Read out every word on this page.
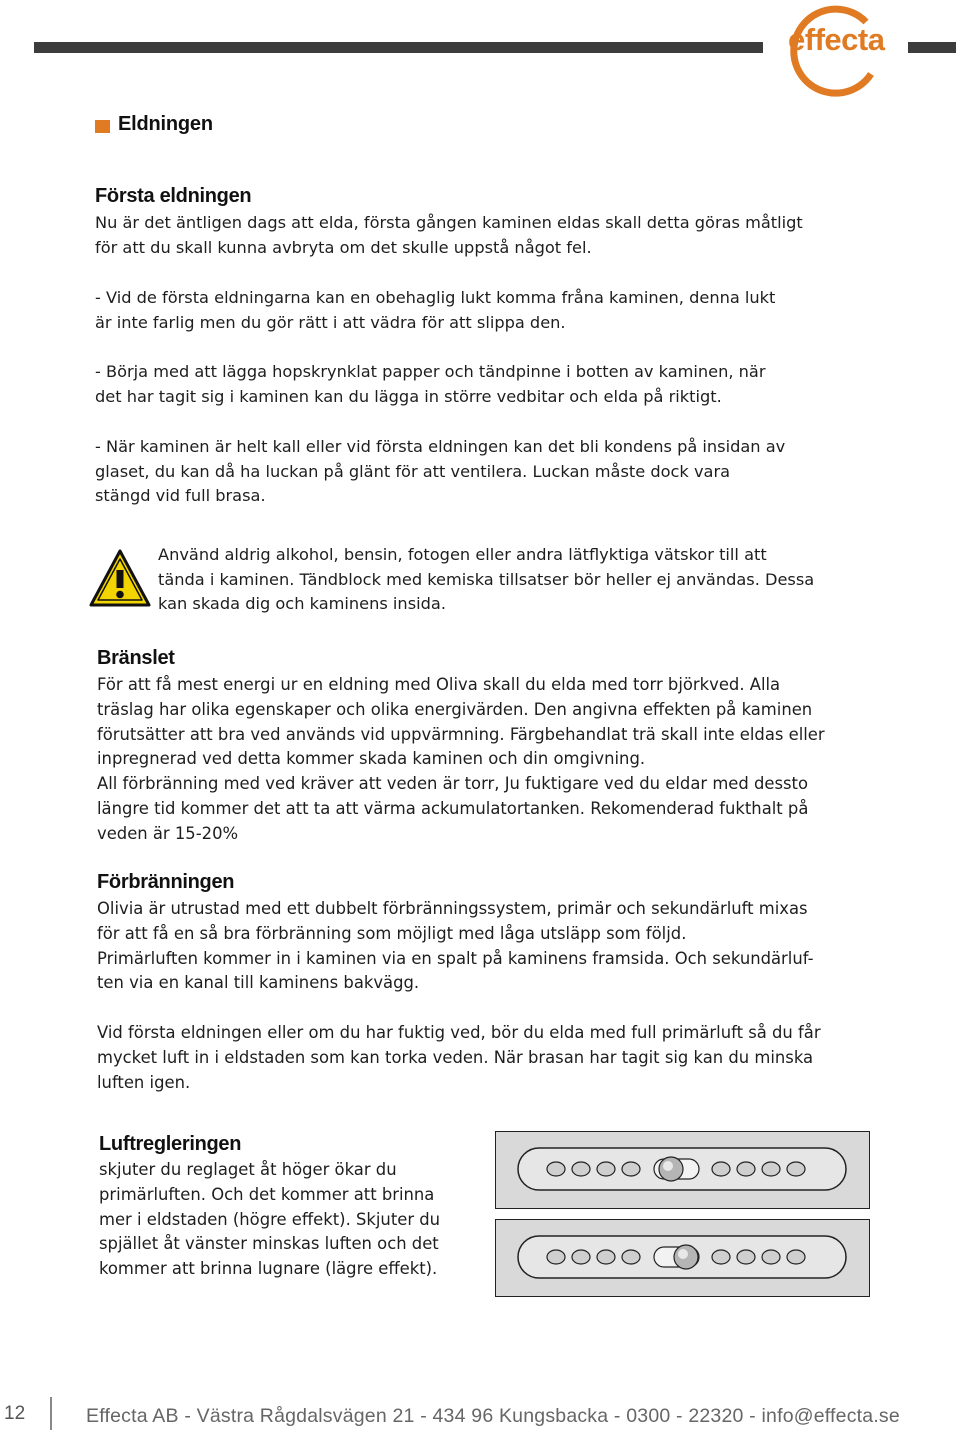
effecta
Eldningen
Första eldningen
Nu är det äntligen dags att elda, första gången kaminen eldas skall detta göras måtligt
för att du skall kunna avbryta om det skulle uppstå något fel.
- Vid de första eldningarna kan en obehaglig lukt komma fråna kaminen, denna lukt
är inte farlig men du gör rätt i att vädra för att slippa den.
- Börja med att lägga hopskrynklat papper och tändpinne i botten av kaminen, när
det har tagit sig i kaminen kan du lägga in större vedbitar och elda på riktigt.
- När kaminen är helt kall eller vid första eldningen kan det bli kondens på insidan av
glaset, du kan då ha luckan på glänt för att ventilera. Luckan måste dock vara
stängd vid full brasa.
Använd aldrig alkohol, bensin, fotogen eller andra lätflyktiga vätskor till att
tända i kaminen. Tändblock med kemiska tillsatser bör heller ej användas. Dessa
kan skada dig och kaminens insida.
Bränslet
För att få mest energi ur en eldning med Oliva skall du elda med torr björkved. Alla
träslag har olika egenskaper och olika energivärden. Den angivna effekten på kaminen
förutsätter att bra ved används vid uppvärmning. Färgbehandlat trä skall inte eldas eller
inpregnerad ved detta kommer skada kaminen och din omgivning.
All förbränning med ved kräver att veden är torr, Ju fuktigare ved du eldar med dessto
längre tid kommer det att ta att värma ackumulatortanken. Rekomenderad fukthalt på
veden är 15-20%
Förbränningen
Olivia är utrustad med ett dubbelt förbränningssystem, primär och sekundärluft mixas
för att få en så bra förbränning som möjligt med låga utsläpp som följd.
Primärluften kommer in i kaminen via en spalt på kaminens framsida. Och sekundärluf-
ten via en kanal till kaminens bakvägg.
Vid första eldningen eller om du har fuktig ved, bör du elda med full primärluft så du får
mycket luft in i eldstaden som kan torka veden. När brasan har tagit sig kan du minska
luften igen.
Luftregleringen
skjuter du reglaget åt höger ökar du
primärluften. Och det kommer att brinna
mer i eldstaden (högre effekt). Skjuter du
spjället åt vänster minskas luften och det
kommer att brinna lugnare (lägre effekt).
12	Effecta AB - Västra Rågdalsvägen 21 - 434 96 Kungsbacka - 0300 - 22320 - info@effecta.se
